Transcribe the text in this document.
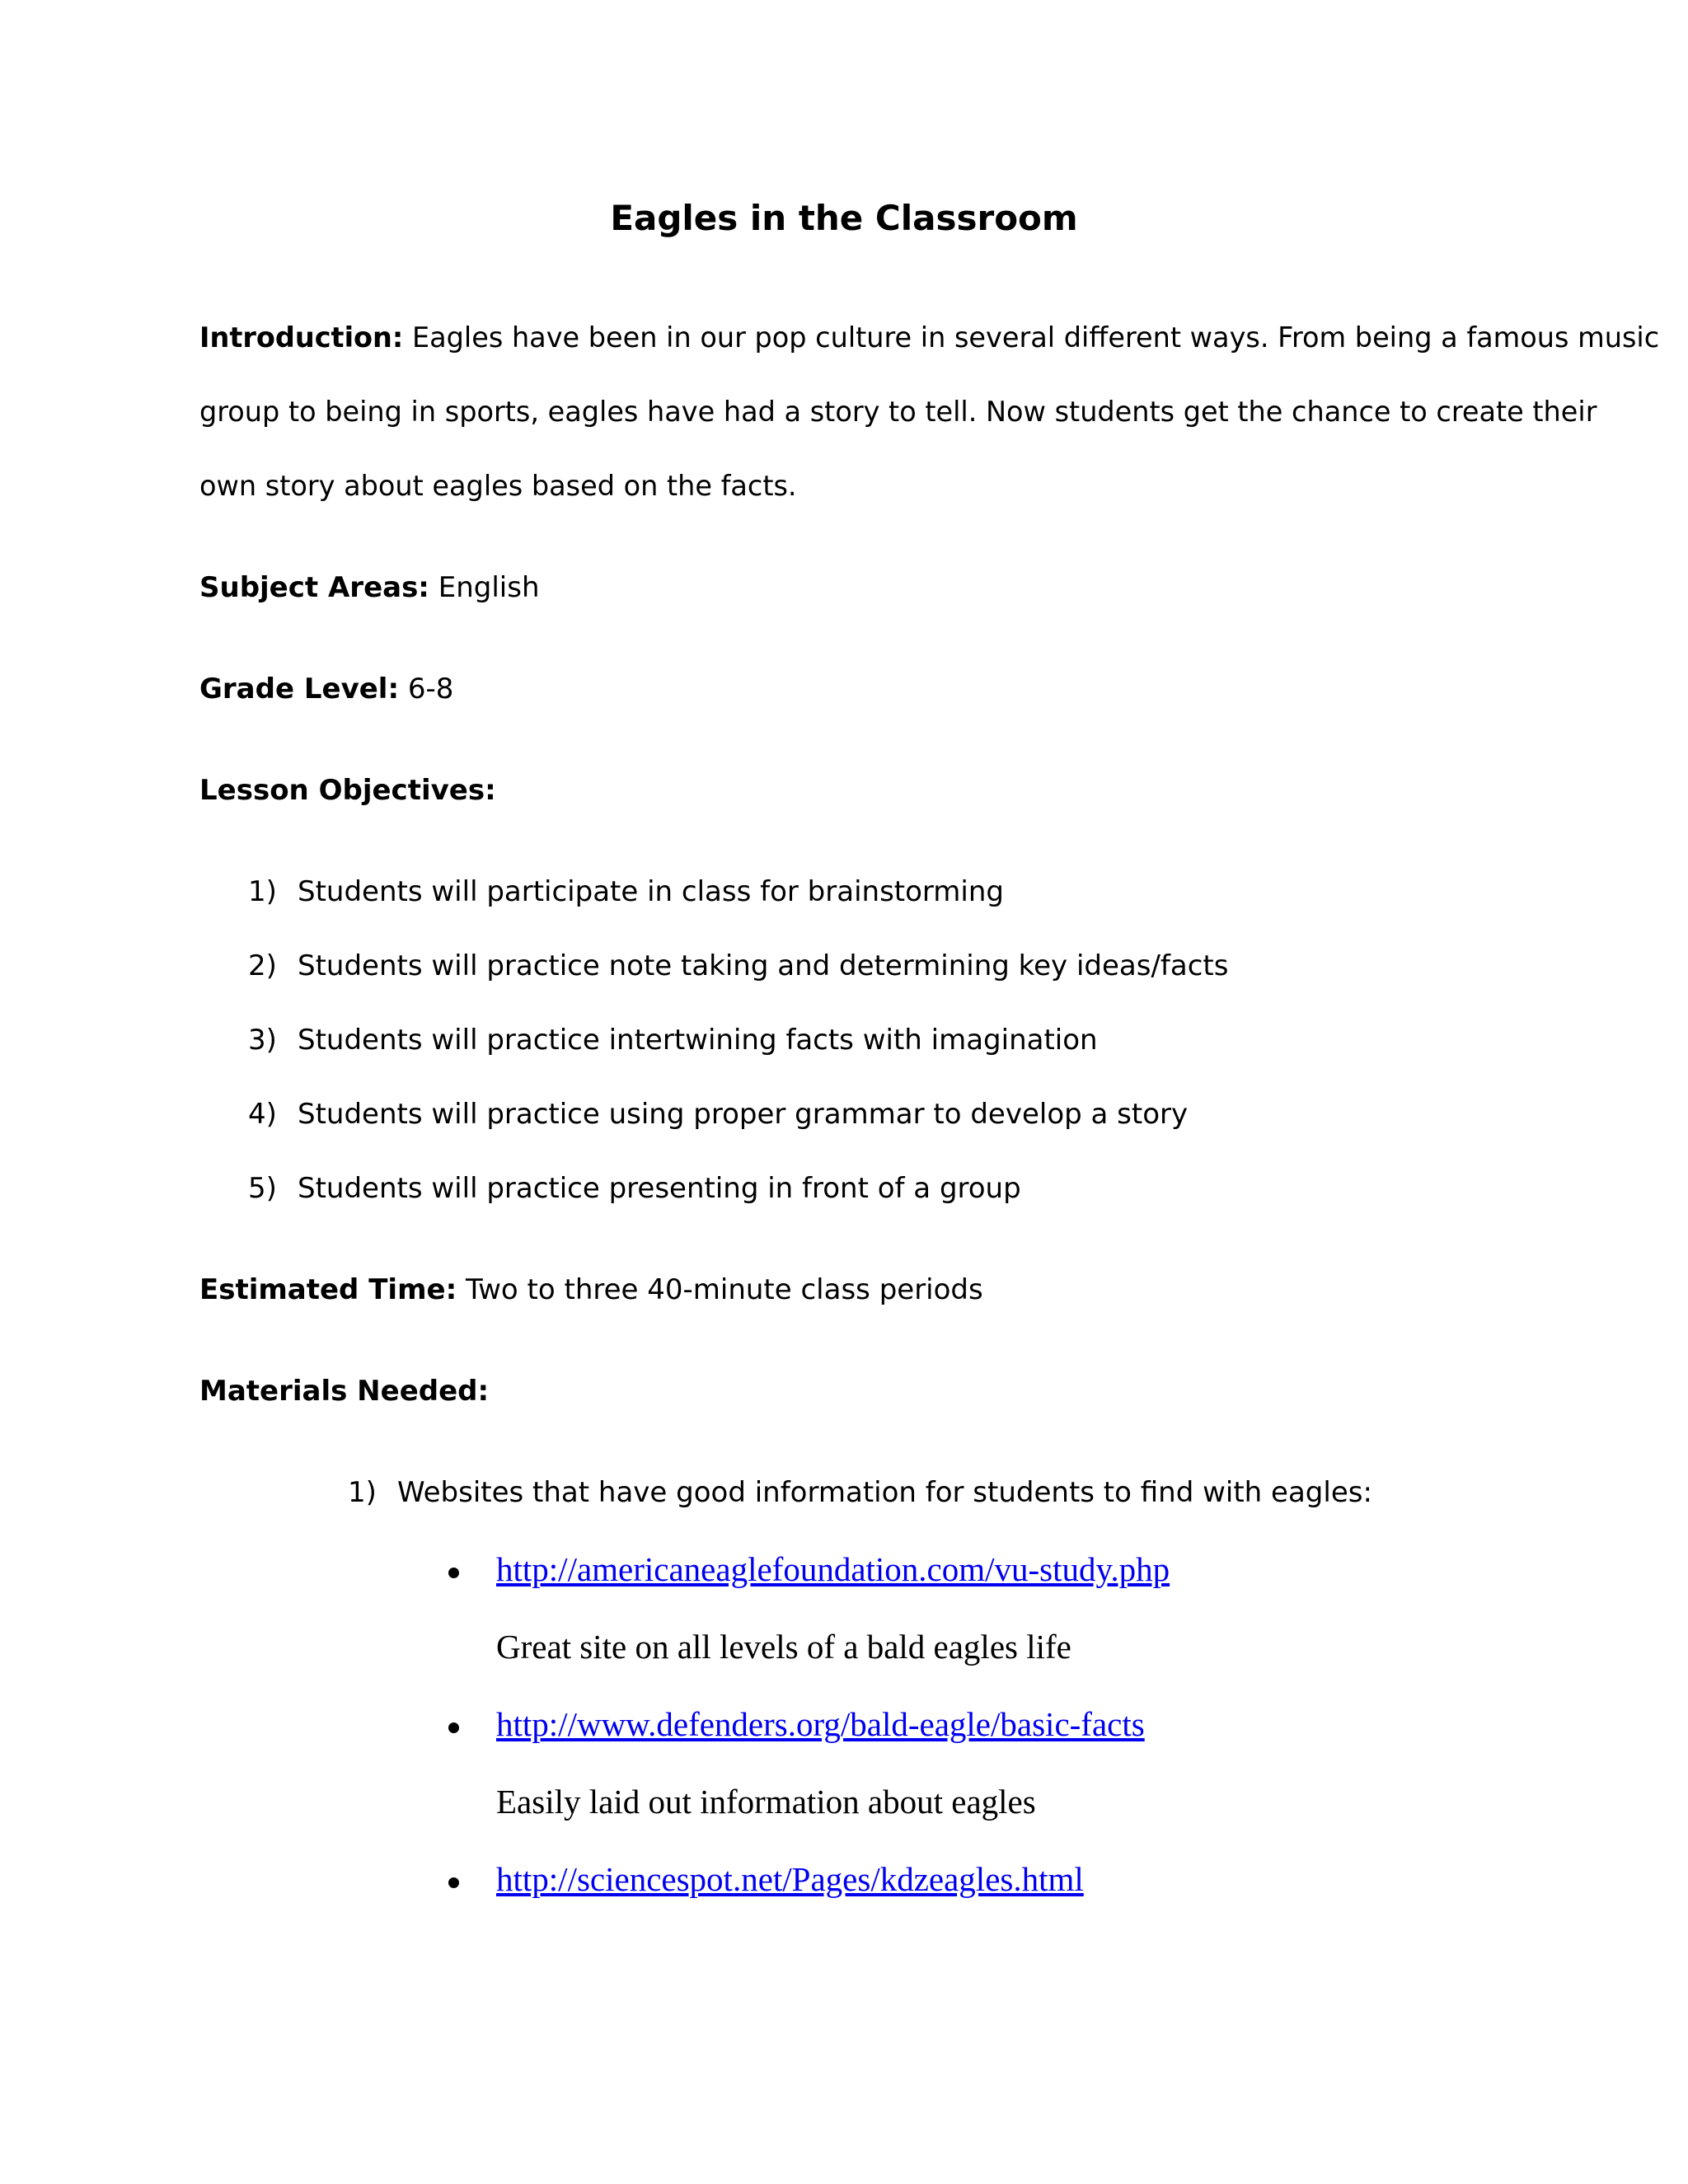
Eagles in the Classroom
Introduction: Eagles have been in our pop culture in several different ways. From being a famous music
group to being in sports, eagles have had a story to tell. Now students get the chance to create their
own story about eagles based on the facts.
Subject Areas: English
Grade Level: 6-8
Lesson Objectives:
1) Students will participate in class for brainstorming
2) Students will practice note taking and determining key ideas/facts
3) Students will practice intertwining facts with imagination
4) Students will practice using proper grammar to develop a story
5) Students will practice presenting in front of a group
Estimated Time: Two to three 40-minute class periods
Materials Needed:
1) Websites that have good information for students to find with eagles:
http://americaneaglefoundation.com/vu-study.php
Great site on all levels of a bald eagles life
http://www.defenders.org/bald-eagle/basic-facts
Easily laid out information about eagles
http://sciencespot.net/Pages/kdzeagles.html
